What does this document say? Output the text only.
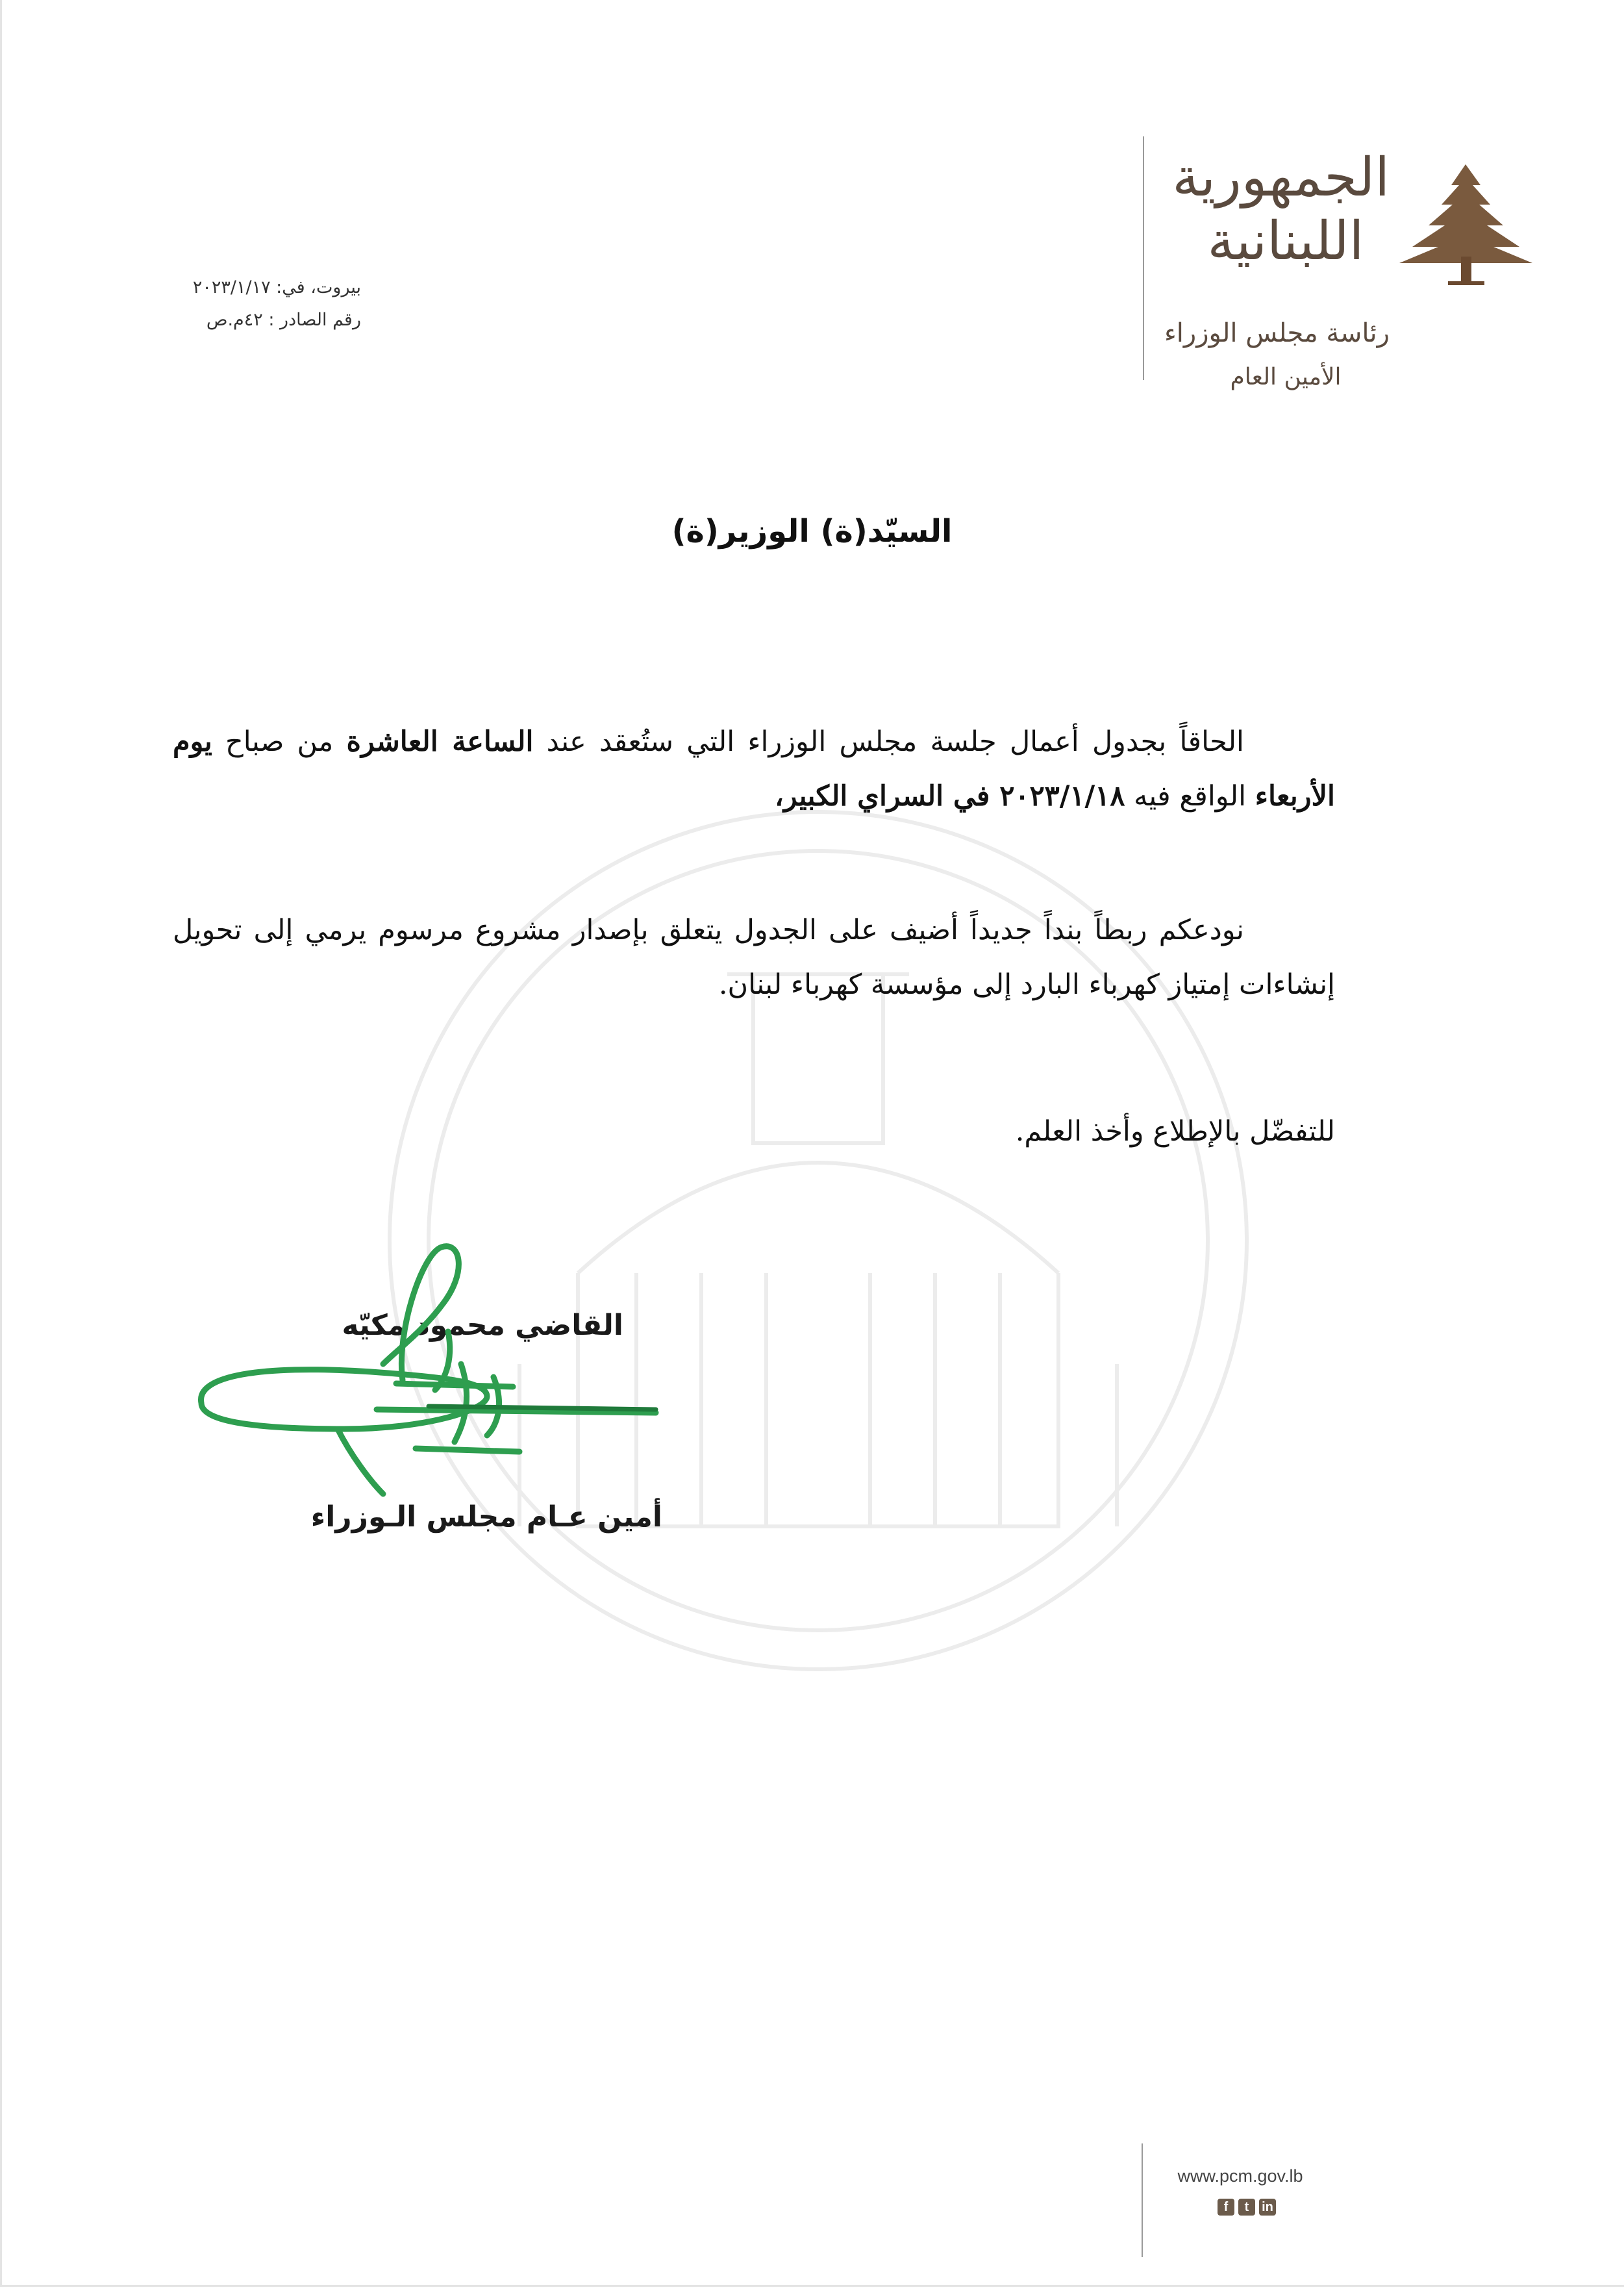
الجمهورية
اللبنانية
رئاسة مجلس الوزراء
الأمين العام
بيروت، في: ٢٠٢٣/١/١٧
رقم الصادر : ٤٢م.ص
السيّد(ة) الوزير(ة)
الحاقاً بجدول أعمال جلسة مجلس الوزراء التي ستُعقد عند الساعة العاشرة من صباح يوم الأربعاء الواقع فيه ٢٠٢٣/١/١٨ في السراي الكبير،
نودعكم ربطاً بنداً جديداً أضيف على الجدول يتعلق بإصدار مشروع مرسوم يرمي إلى تحويل إنشاءات إمتياز كهرباء البارد إلى مؤسسة كهرباء لبنان.
للتفضّل بالإطلاع وأخذ العلم.
القاضي محمود مكيّه
أمين عـام مجلس الـوزراء
www.pcm.gov.lb
f	t in
